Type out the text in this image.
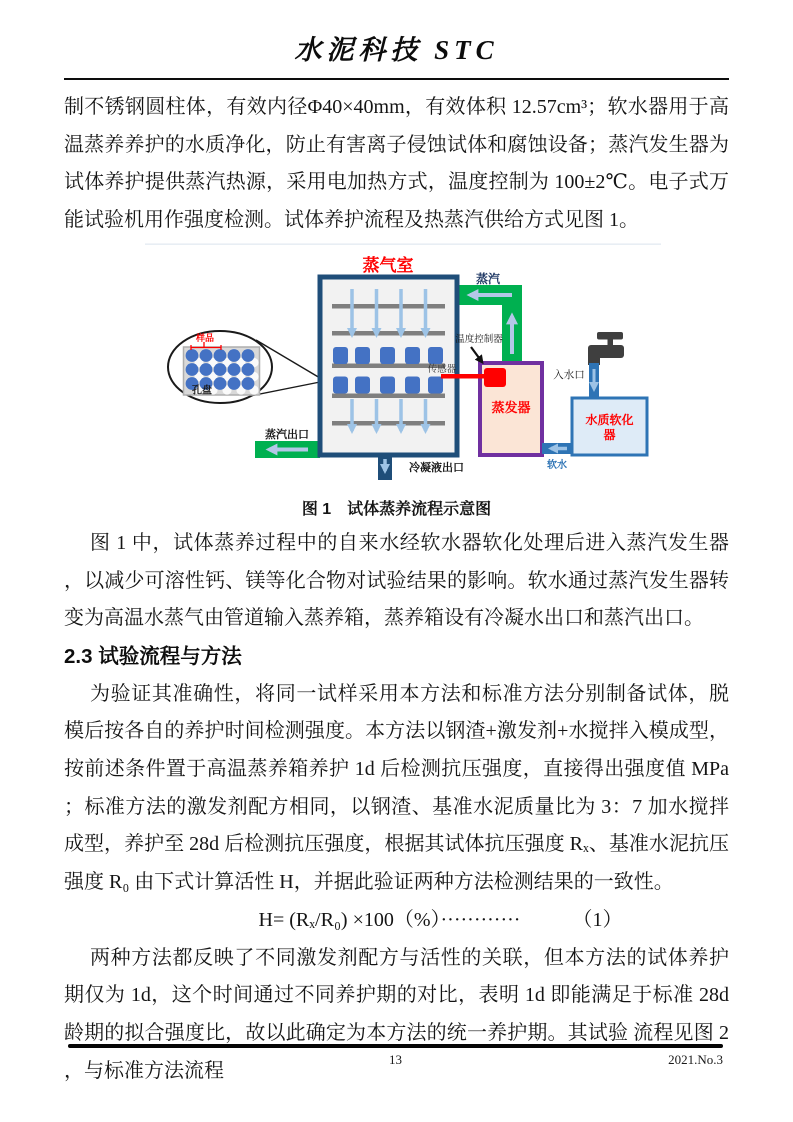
水泥科技 STC
制不锈钢圆柱体，有效内径Φ40×40mm，有效体积 12.57cm³；软水器用于高温蒸养养护的水质净化，防止有害离子侵蚀试体和腐蚀设备；蒸汽发生器为试体养护提供蒸汽热源，采用电加热方式，温度控制为 100±2℃。电子式万能试验机用作强度检测。试体养护流程及热蒸汽供给方式见图 1。
样品
孔盘
蒸汽
蒸汽出口
蒸气室
冷凝液出口
蒸发器
温度控制器
传感器	入水口
水质软化
器
软水
图 1　试体蒸养流程示意图
图 1 中，试体蒸养过程中的自来水经软水器软化处理后进入蒸汽发生器，以减少可溶性钙、镁等化合物对试验结果的影响。软水通过蒸汽发生器转变为高温水蒸气由管道输入蒸养箱，蒸养箱设有冷凝水出口和蒸汽出口。
2.3 试验流程与方法
为验证其准确性，将同一试样采用本方法和标准方法分别制备试体，脱模后按各自的养护时间检测强度。本方法以钢渣+激发剂+水搅拌入模成型，按前述条件置于高温蒸养箱养护 1d 后检测抗压强度，直接得出强度值 MPa；标准方法的激发剂配方相同，以钢渣、基准水泥质量比为 3：7 加水搅拌成型，养护至 28d 后检测抗压强度，根据其试体抗压强度 Rₓ、基准水泥抗压强度 R₀ 由下式计算活性 H，并据此验证两种方法检测结果的一致性。
H= (Rₓ/R₀) ×100（%）············	（1）
两种方法都反映了不同激发剂配方与活性的关联，但本方法的试体养护期仅为 1d，这个时间通过不同养护期的对比，表明 1d 即能满足于标准 28d 龄期的拟合强度比，故以此确定为本方法的统一养护期。其试验 流程见图 2，与标准方法流程
13	2021.No.3
